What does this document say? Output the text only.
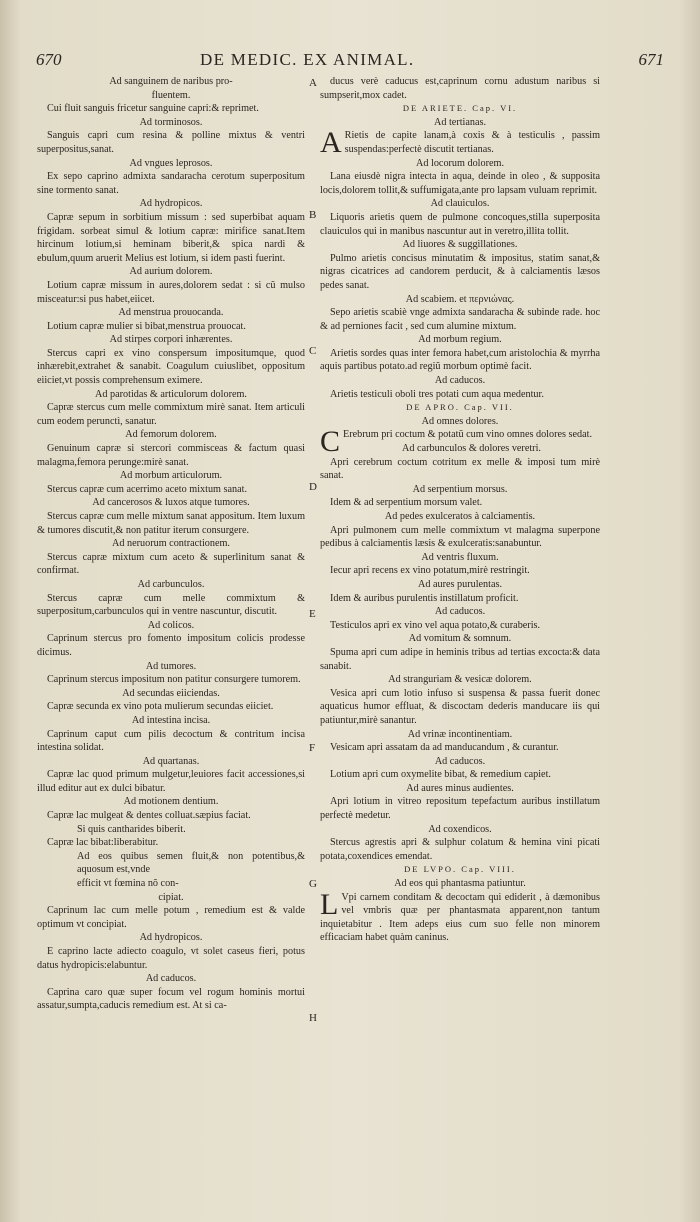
670	DE MEDIC. EX ANIMAL.	671
A
B
C
D
E
F
G
H

Ad sanguinem de naribus pro-

fluentem.

Cui fluit sanguis fricetur sanguine capri:& reprimet.

Ad torminosos.

Sanguis capri cum resina & polline mixtus & ventri superpositus,sanat.

Ad vngues leprosos.

Ex sepo caprino admixta sandaracha cerotum superpositum sine tormento sanat.

Ad hydropicos.

Capræ sepum in sorbitium missum : sed superbibat aquam frigidam. sorbeat simul & lotium capræ: mirifice sanat.Item hircinum lotium,si heminam biberit,& spica nardi & ebulum,quum aruerit Melius est lotium, si idem pasti fuerint.

Ad aurium dolorem.

Lotium capræ missum in aures,dolorem sedat : si cũ mulso misceatur:si pus habet,eiicet.

Ad menstrua prouocanda.

Lotium capræ mulier si bibat,menstrua prouocat.

Ad stirpes corpori inhærentes.

Stercus capri ex vino conspersum impositumque, quod inhærebit,extrahet & sanabit. Coagulum cuiuslibet, oppositum eiiciet,vt possis comprehensum eximere.

Ad parotidas & articulorum dolorem.

Capræ stercus cum melle commixtum mirè sanat. Item articuli cum eodem perunctì, sanatur.

Ad femorum dolorem.

Genuinum capræ si stercori commisceas & factum quasi malagma,femora perunge:mirè sanat.

Ad morbum articulorum.

Stercus capræ cum acerrimo aceto mixtum sanat.

Ad cancerosos & luxos atque tumores.

Stercus capræ cum melle mixtum sanat appositum. Item luxum & tumores discutit,& non patitur iterum consurgere.

Ad neruorum contractionem.

Stercus capræ mixtum cum aceto & superlinitum sanat & confirmat.

Ad carbunculos.

Stercus capræ cum melle commixtum & superpositum,carbunculos qui in ventre nascuntur, discutit.

Ad colicos.

Caprinum stercus pro fomento impositum colicis prodesse dicimus.

Ad tumores.

Caprinum stercus impositum non patitur consurgere tumorem.

Ad secundas eiiciendas.

Capræ secunda ex vino pota mulierum secundas eiiciet.

Ad intestina incisa.

Caprinum caput cum pilis decoctum & contritum incisa intestina solidat.

Ad quartanas.

Capræ lac quod primum mulgetur,leuiores facit accessiones,si illud editur aut ex dulci bibatur.

Ad motionem dentium.

Capræ lac mulgeat & dentes colluat.sæpius faciat.

Si quis cantharides biberit.

Capræ lac bibat:liberabitur.

Ad eos quibus semen fluit,& non potentibus,& aquosum est,vnde

efficit vt fœmina nõ con-

cipiat.

Caprinum lac cum melle potum , remedium est & valde optimum vt concipiat.

Ad hydropicos.

E caprino lacte adiecto coagulo, vt solet caseus fieri, potus datus hydropicis:elabuntur.

Ad caducos.

Caprina caro quæ super focum vel rogum hominis mortui assatur,sumpta,caducis remedium est. At si ca-

ducus verè caducus est,caprinum cornu adustum naribus si sumpserit,mox cadet.

DE ARIETE. Cap. VI.

Ad tertianas.

A Rietis de capite lanam,à coxis & à testiculis , passim suspendas:perfectè discutit tertianas.

Ad locorum dolorem.

Lana eiusdè nigra intecta in aqua, deinde in oleo , & supposita locis,dolorem tollit,& suffumigata,ante pro lapsam vuluam reprimit.

Ad clauiculos.

Liquoris arietis quem de pulmone concoques,stilla superposita clauiculos qui in manibus nascuntur aut in veretro,illita tollit.

Ad liuores & suggillationes.

Pulmo arietis concisus minutatim & impositus, statim sanat,& nigras cicatrices ad candorem perducit, & à calciamentis læsos pedes sanat.

Ad scabiem. et περνιώνας.

Sepo arietis scabiè vnge admixta sandaracha & subinde rade. hoc & ad perniones facit , sed cum alumine mixtum.

Ad morbum regium.

Arietis sordes quas inter femora habet,cum aristolochia & myrrha aquis partibus potato.ad regiũ morbum optimè facit.

Ad caducos.

Arietis testiculi oboli tres potati cum aqua medentur.

DE APRO. Cap. VII.

Ad omnes dolores.

C Erebrum pri coctum & potatũ cum vino omnes dolores sedat.

Ad carbunculos & dolores veretri.

Apri cerebrum coctum cotritum ex melle & imposi tum mirè sanat.

Ad serpentium morsus.

Idem & ad serpentium morsum valet.

Ad pedes exulceratos à calciamentis.

Apri pulmonem cum melle commixtum vt malagma superpone pedibus à calciamentis læsis & exulceratis:sanabuntur.

Ad ventris fluxum.

Iecur apri recens ex vino potatum,mirè restringit.

Ad aures purulentas.

Idem & auribus purulentis instillatum proficit.

Ad caducos.

Testiculos apri ex vino vel aqua potato,& curaberis.

Ad vomitum & somnum.

Spuma apri cum adipe in heminis tribus ad tertias excocta:& data sanabit.

Ad stranguriam & vesicæ dolorem.

Vesica apri cum lotio infuso si suspensa & passa fuerit donec aquaticus humor effluat, & discoctam dederis manducare iis qui patiuntur,mirè sanantur.

Ad vrinæ incontinentiam.

Vesicam apri assatam da ad manducandum , & curantur.

Ad caducos.

Lotium apri cum oxymelite bibat, & remedium capiet.

Ad aures minus audientes.

Apri lotium in vitreo repositum tepefactum auribus instillatum perfectè medetur.

Ad coxendicos.

Stercus agrestis apri & sulphur colatum & hemina vini picati potata,coxendices emendat.

DE LVPO. Cap. VIII.

Ad eos qui phantasma patiuntur.

L Vpi carnem conditam & decoctam qui ediderit , à dæmonibus vel vmbris quæ per phantasmata apparent,non tantum inquietabitur . Item adeps eius cum suo felle non minorem efficaciam habet quàm caninus.
